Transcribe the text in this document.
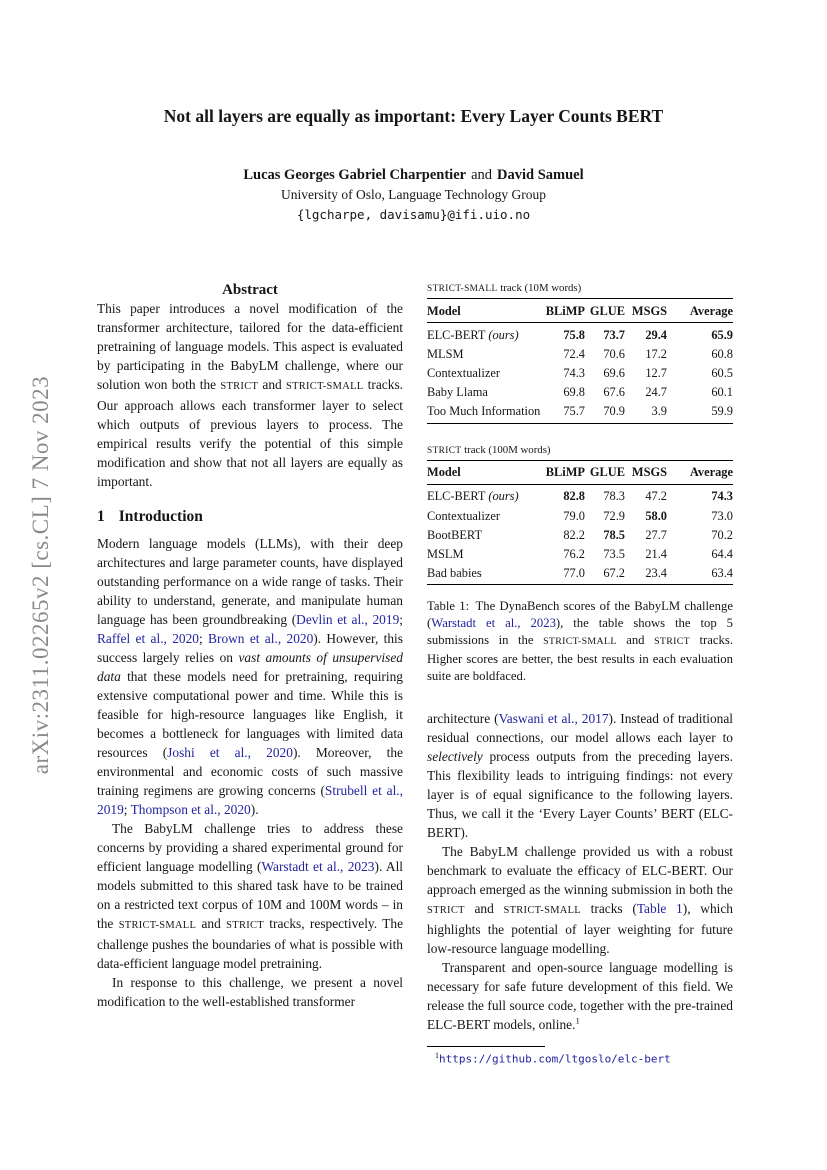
arXiv:2311.02265v2 [cs.CL] 7 Nov 2023
Not all layers are equally as important: Every Layer Counts BERT
Lucas Georges Gabriel Charpentier and David Samuel
University of Oslo, Language Technology Group
{lgcharpe, davisamu}@ifi.uio.no
Abstract

This paper introduces a novel modification of the transformer architecture, tailored for the data-efficient pretraining of language models. This aspect is evaluated by participating in the BabyLM challenge, where our solution won both the STRICT and STRICT-SMALL tracks. Our approach allows each transformer layer to select which outputs of previous layers to process. The empirical results verify the potential of this simple modification and show that not all layers are equally as important.

1 Introduction

Modern language models (LLMs), with their deep architectures and large parameter counts, have displayed outstanding performance on a wide range of tasks. Their ability to understand, generate, and manipulate human language has been groundbreaking (Devlin et al., 2019; Raffel et al., 2020; Brown et al., 2020). However, this success largely relies on vast amounts of unsupervised data that these models need for pretraining, requiring extensive computational power and time. While this is feasible for high-resource languages like English, it becomes a bottleneck for languages with limited data resources (Joshi et al., 2020). Moreover, the environmental and economic costs of such massive training regimens are growing concerns (Strubell et al., 2019; Thompson et al., 2020).

The BabyLM challenge tries to address these concerns by providing a shared experimental ground for efficient language modelling (Warstadt et al., 2023). All models submitted to this shared task have to be trained on a restricted text corpus of 10M and 100M words – in the STRICT-SMALL and STRICT tracks, respectively. The challenge pushes the boundaries of what is possible with data-efficient language model pretraining.

In response to this challenge, we present a novel modification to the well-established transformer

STRICT-SMALL track (10M words)
Model	BLiMP	GLUE	MSGS	Average
ELC-BERT (ours)	75.8	73.7	29.4	65.9
MLSM	72.4	70.6	17.2	60.8
Contextualizer	74.3	69.6	12.7	60.5
Baby Llama	69.8	67.6	24.7	60.1
Too Much Information	75.7	70.9	3.9	59.9
STRICT track (100M words)
Model	BLiMP	GLUE	MSGS	Average
ELC-BERT (ours)	82.8	78.3	47.2	74.3
Contextualizer	79.0	72.9	58.0	73.0
BootBERT	82.2	78.5	27.7	70.2
MSLM	76.2	73.5	21.4	64.4
Bad babies	77.0	67.2	23.4	63.4
Table 1: The DynaBench scores of the BabyLM challenge (Warstadt et al., 2023), the table shows the top 5 submissions in the STRICT-SMALL and STRICT tracks. Higher scores are better, the best results in each evaluation suite are boldfaced.

architecture (Vaswani et al., 2017). Instead of traditional residual connections, our model allows each layer to selectively process outputs from the preceding layers. This flexibility leads to intriguing findings: not every layer is of equal significance to the following layers. Thus, we call it the ‘Every Layer Counts’ BERT (ELC-BERT).

The BabyLM challenge provided us with a robust benchmark to evaluate the efficacy of ELC-BERT. Our approach emerged as the winning submission in both the STRICT and STRICT-SMALL tracks (Table 1), which highlights the potential of layer weighting for future low-resource language modelling.

Transparent and open-source language modelling is necessary for safe future development of this field. We release the full source code, together with the pre-trained ELC-BERT models, online.$^1$

$^1$https://github.com/ltgoslo/elc-bert
